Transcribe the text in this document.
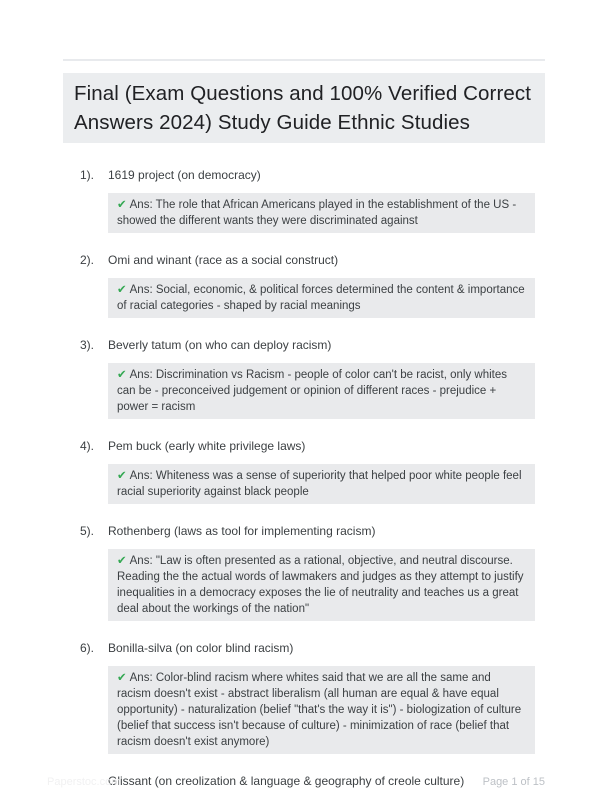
Final (Exam Questions and 100% Verified Correct Answers 2024) Study Guide Ethnic Studies
1).	1619 project (on democracy)
✔ Ans: The role that African Americans played in the establishment of the US - showed the different wants they were discriminated against
2).	Omi and winant (race as a social construct)
✔ Ans: Social, economic, & political forces determined the content & importance of racial categories - shaped by racial meanings
3).	Beverly tatum (on who can deploy racism)
✔ Ans: Discrimination vs Racism - people of color can't be racist, only whites can be - preconceived judgement or opinion of different races - prejudice + power = racism
4).	Pem buck (early white privilege laws)
✔ Ans: Whiteness was a sense of superiority that helped poor white people feel racial superiority against black people
5).	Rothenberg (laws as tool for implementing racism)
✔ Ans: "Law is often presented as a rational, objective, and neutral discourse. Reading the the actual words of lawmakers and judges as they attempt to justify inequalities in a democracy exposes the lie of neutrality and teaches us a great deal about the workings of the nation"
6).	Bonilla-silva (on color blind racism)
✔ Ans: Color-blind racism where whites said that we are all the same and racism doesn't exist - abstract liberalism (all human are equal & have equal opportunity) - naturalization (belief "that's the way it is") - biologization of culture (belief that success isn't because of culture) - minimization of race (belief that racism doesn't exist anymore)
Glissant (on creolization & language & geography of creole culture)
Paperstoc.com	Page 1 of 15
